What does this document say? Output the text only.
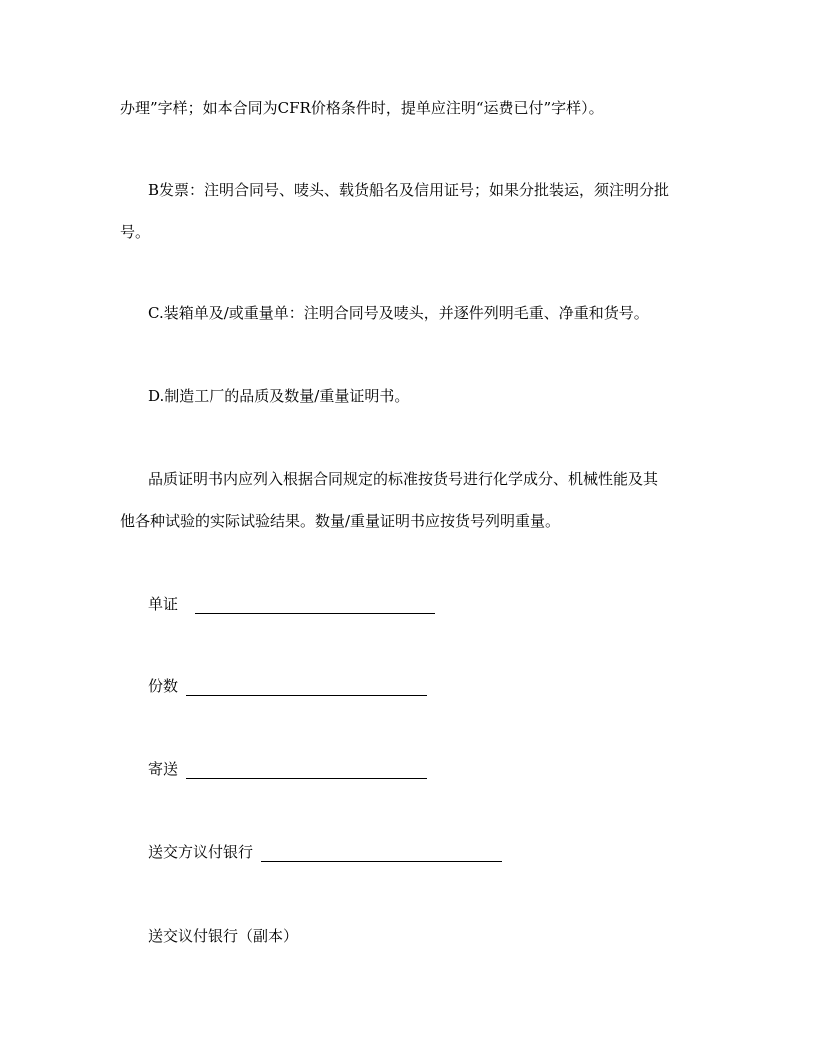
办理”字样；如本合同为CFR价格条件时，提单应注明“运费已付”字样）。

B发票：注明合同号、唛头、载货船名及信用证号；如果分批装运，须注明分批

号。

C.装箱单及/或重量单：注明合同号及唛头，并逐件列明毛重、净重和货号。

D.制造工厂的品质及数量/重量证明书。

品质证明书内应列入根据合同规定的标准按货号进行化学成分、机械性能及其

他各种试验的实际试验结果。数量/重量证明书应按货号列明重量。

单证
份数
寄送
送交方议付银行
送交议付银行（副本）
